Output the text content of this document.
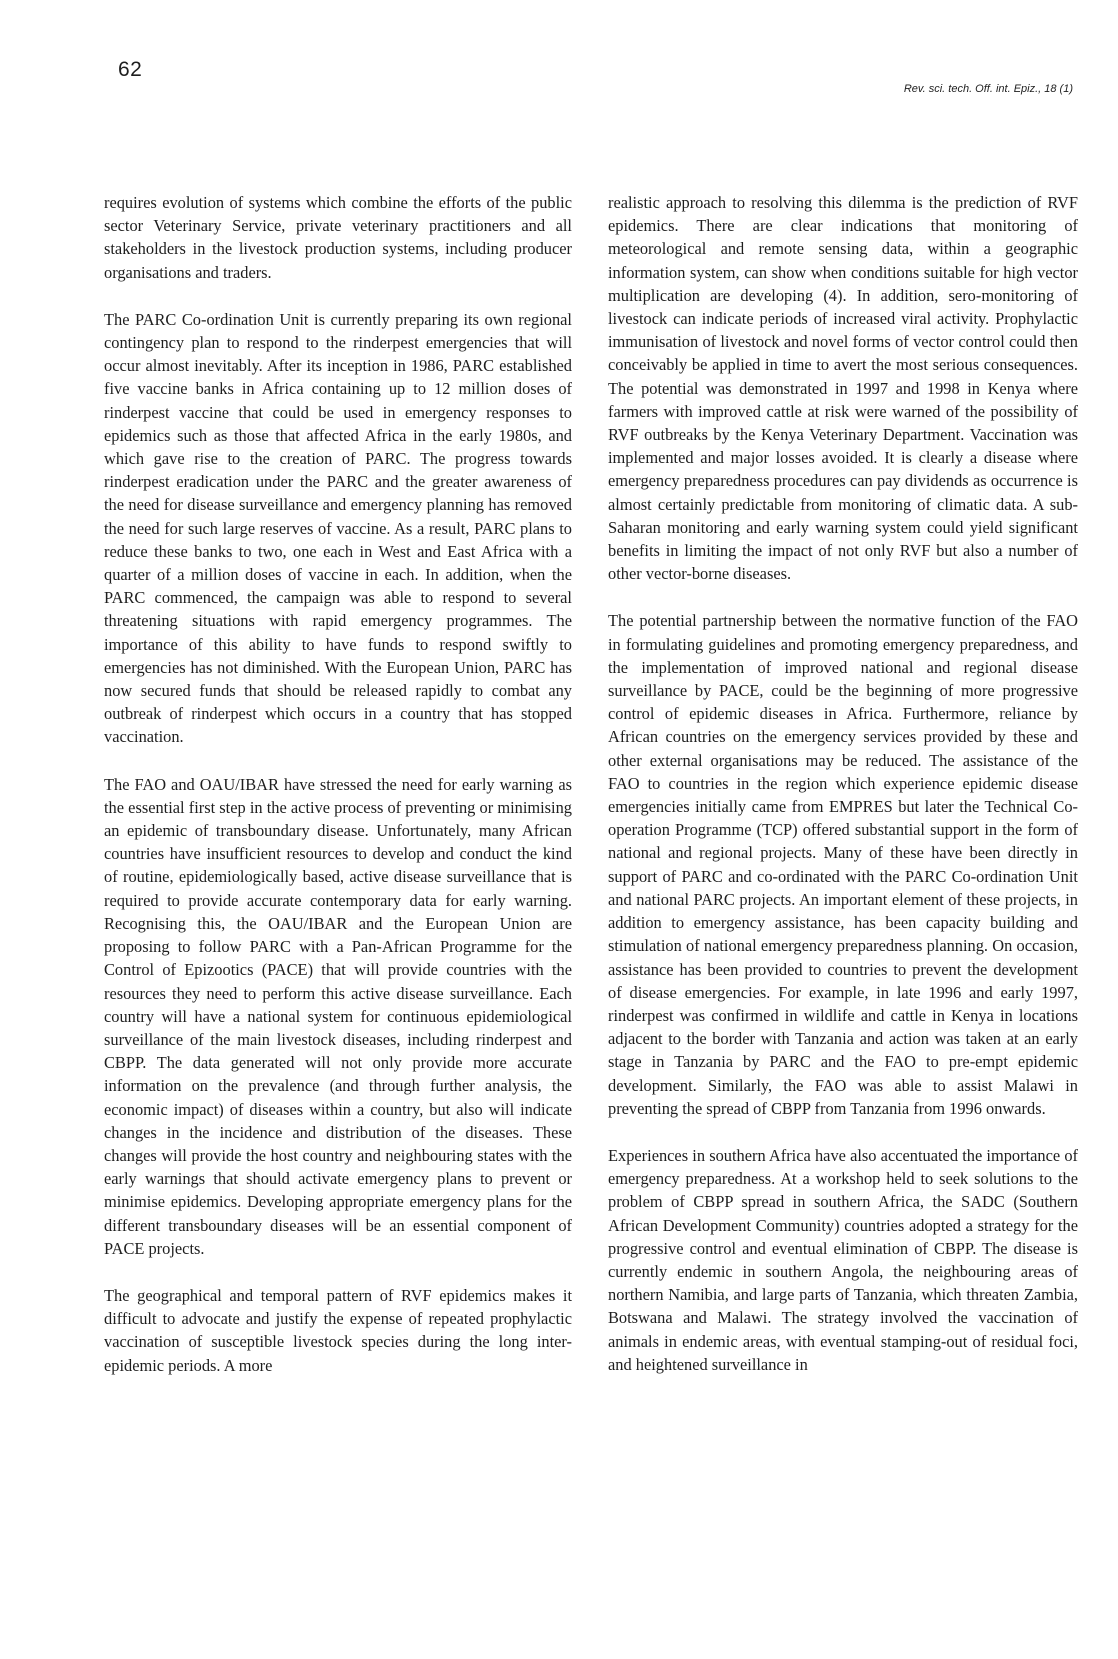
62
Rev. sci. tech. Off. int. Epiz., 18 (1)

requires evolution of systems which combine the efforts of the public sector Veterinary Service, private veterinary practitioners and all stakeholders in the livestock production systems, including producer organisations and traders.

The PARC Co-ordination Unit is currently preparing its own regional contingency plan to respond to the rinderpest emergencies that will occur almost inevitably. After its inception in 1986, PARC established five vaccine banks in Africa containing up to 12 million doses of rinderpest vaccine that could be used in emergency responses to epidemics such as those that affected Africa in the early 1980s, and which gave rise to the creation of PARC. The progress towards rinderpest eradication under the PARC and the greater awareness of the need for disease surveillance and emergency planning has removed the need for such large reserves of vaccine. As a result, PARC plans to reduce these banks to two, one each in West and East Africa with a quarter of a million doses of vaccine in each. In addition, when the PARC commenced, the campaign was able to respond to several threatening situations with rapid emergency programmes. The importance of this ability to have funds to respond swiftly to emergencies has not diminished. With the European Union, PARC has now secured funds that should be released rapidly to combat any outbreak of rinderpest which occurs in a country that has stopped vaccination.

The FAO and OAU/IBAR have stressed the need for early warning as the essential first step in the active process of preventing or minimising an epidemic of transboundary disease. Unfortunately, many African countries have insufficient resources to develop and conduct the kind of routine, epidemiologically based, active disease surveillance that is required to provide accurate contemporary data for early warning. Recognising this, the OAU/IBAR and the European Union are proposing to follow PARC with a Pan-African Programme for the Control of Epizootics (PACE) that will provide countries with the resources they need to perform this active disease surveillance. Each country will have a national system for continuous epidemiological surveillance of the main livestock diseases, including rinderpest and CBPP. The data generated will not only provide more accurate information on the prevalence (and through further analysis, the economic impact) of diseases within a country, but also will indicate changes in the incidence and distribution of the diseases. These changes will provide the host country and neighbouring states with the early warnings that should activate emergency plans to prevent or minimise epidemics. Developing appropriate emergency plans for the different transboundary diseases will be an essential component of PACE projects.

The geographical and temporal pattern of RVF epidemics makes it difficult to advocate and justify the expense of repeated prophylactic vaccination of susceptible livestock species during the long inter-epidemic periods. A more

realistic approach to resolving this dilemma is the prediction of RVF epidemics. There are clear indications that monitoring of meteorological and remote sensing data, within a geographic information system, can show when conditions suitable for high vector multiplication are developing (4). In addition, sero-monitoring of livestock can indicate periods of increased viral activity. Prophylactic immunisation of livestock and novel forms of vector control could then conceivably be applied in time to avert the most serious consequences. The potential was demonstrated in 1997 and 1998 in Kenya where farmers with improved cattle at risk were warned of the possibility of RVF outbreaks by the Kenya Veterinary Department. Vaccination was implemented and major losses avoided. It is clearly a disease where emergency preparedness procedures can pay dividends as occurrence is almost certainly predictable from monitoring of climatic data. A sub-Saharan monitoring and early warning system could yield significant benefits in limiting the impact of not only RVF but also a number of other vector-borne diseases.

The potential partnership between the normative function of the FAO in formulating guidelines and promoting emergency preparedness, and the implementation of improved national and regional disease surveillance by PACE, could be the beginning of more progressive control of epidemic diseases in Africa. Furthermore, reliance by African countries on the emergency services provided by these and other external organisations may be reduced. The assistance of the FAO to countries in the region which experience epidemic disease emergencies initially came from EMPRES but later the Technical Co-operation Programme (TCP) offered substantial support in the form of national and regional projects. Many of these have been directly in support of PARC and co-ordinated with the PARC Co-ordination Unit and national PARC projects. An important element of these projects, in addition to emergency assistance, has been capacity building and stimulation of national emergency preparedness planning. On occasion, assistance has been provided to countries to prevent the development of disease emergencies. For example, in late 1996 and early 1997, rinderpest was confirmed in wildlife and cattle in Kenya in locations adjacent to the border with Tanzania and action was taken at an early stage in Tanzania by PARC and the FAO to pre-empt epidemic development. Similarly, the FAO was able to assist Malawi in preventing the spread of CBPP from Tanzania from 1996 onwards.

Experiences in southern Africa have also accentuated the importance of emergency preparedness. At a workshop held to seek solutions to the problem of CBPP spread in southern Africa, the SADC (Southern African Development Community) countries adopted a strategy for the progressive control and eventual elimination of CBPP. The disease is currently endemic in southern Angola, the neighbouring areas of northern Namibia, and large parts of Tanzania, which threaten Zambia, Botswana and Malawi. The strategy involved the vaccination of animals in endemic areas, with eventual stamping-out of residual foci, and heightened surveillance in
